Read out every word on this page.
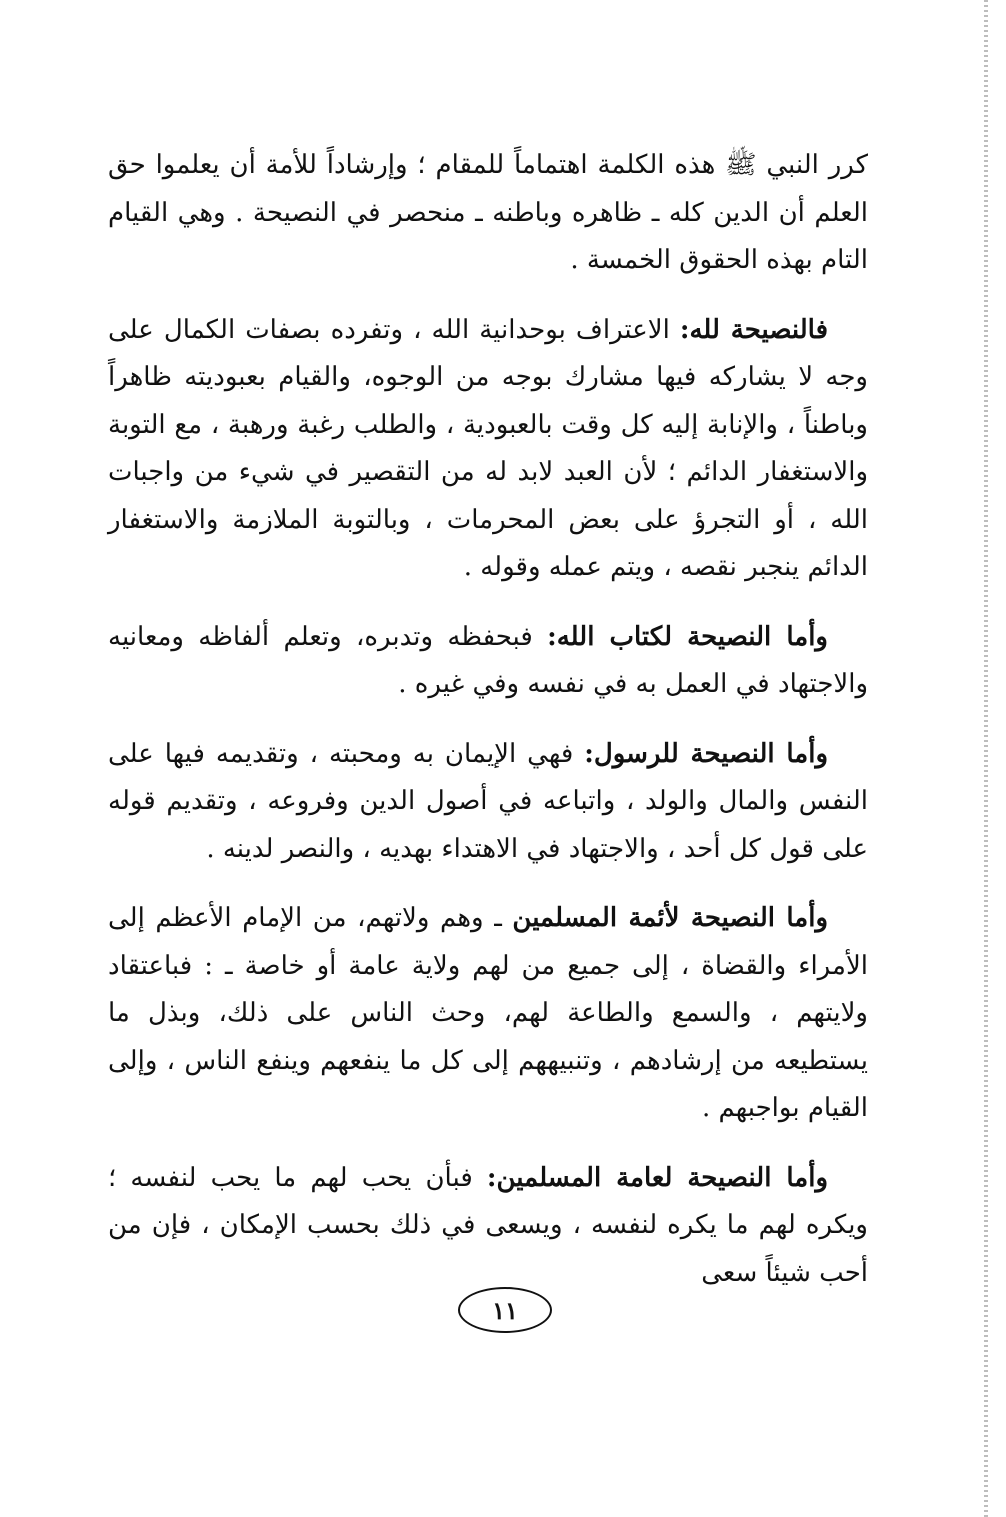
كرر النبي ﷺ هذه الكلمة اهتماماً للمقام ؛ وإرشاداً للأمة أن يعلموا حق العلم أن الدين كله ـ ظاهره وباطنه ـ منحصر في النصيحة . وهي القيام التام بهذه الحقوق الخمسة .

فالنصيحة لله: الاعتراف بوحدانية الله ، وتفرده بصفات الكمال على وجه لا يشاركه فيها مشارك بوجه من الوجوه، والقيام بعبوديته ظاهراً وباطناً ، والإنابة إليه كل وقت بالعبودية ، والطلب رغبة ورهبة ، مع التوبة والاستغفار الدائم ؛ لأن العبد لابد له من التقصير في شيء من واجبات الله ، أو التجرؤ على بعض المحرمات ، وبالتوبة الملازمة والاستغفار الدائم ينجبر نقصه ، ويتم عمله وقوله .

وأما النصيحة لكتاب الله: فبحفظه وتدبره، وتعلم ألفاظه ومعانيه والاجتهاد في العمل به في نفسه وفي غيره .

وأما النصيحة للرسول: فهي الإيمان به ومحبته ، وتقديمه فيها على النفس والمال والولد ، واتباعه في أصول الدين وفروعه ، وتقديم قوله على قول كل أحد ، والاجتهاد في الاهتداء بهديه ، والنصر لدينه .

وأما النصيحة لأئمة المسلمين ـ وهم ولاتهم، من الإمام الأعظم إلى الأمراء والقضاة ، إلى جميع من لهم ولاية عامة أو خاصة ـ : فباعتقاد ولايتهم ، والسمع والطاعة لهم، وحث الناس على ذلك، وبذل ما يستطيعه من إرشادهم ، وتنبيههم إلى كل ما ينفعهم وينفع الناس ، وإلى القيام بواجبهم .

وأما النصيحة لعامة المسلمين: فبأن يحب لهم ما يحب لنفسه ؛ ويكره لهم ما يكره لنفسه ، ويسعى في ذلك بحسب الإمكان ، فإن من أحب شيئاً سعى

١١
